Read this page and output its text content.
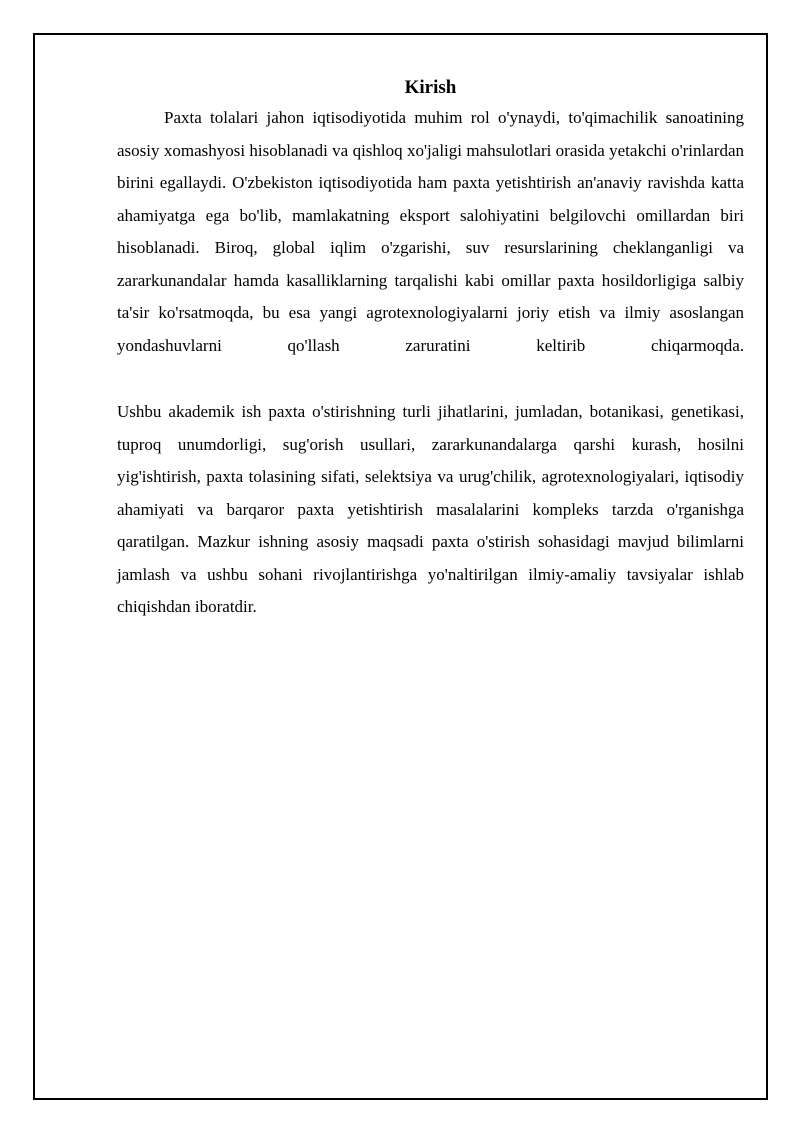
Kirish

Paxta tolalari jahon iqtisodiyotida muhim rol o'ynaydi, to'qimachilik sanoatining asosiy xomashyosi hisoblanadi va qishloq xo'jaligi mahsulotlari orasida yetakchi o'rinlardan birini egallaydi. O'zbekiston iqtisodiyotida ham paxta yetishtirish an'anaviy ravishda katta ahamiyatga ega bo'lib, mamlakatning eksport salohiyatini belgilovchi omillardan biri hisoblanadi. Biroq, global iqlim o'zgarishi, suv resurslarining cheklanganligi va zararkunandalar hamda kasalliklarning tarqalishi kabi omillar paxta hosildorligiga salbiy ta'sir ko'rsatmoqda, bu esa yangi agrotexnologiyalarni joriy etish va ilmiy asoslangan yondashuvlarni qo'llash zaruratini keltirib chiqarmoqda.

Ushbu akademik ish paxta o'stirishning turli jihatlarini, jumladan, botanikasi, genetikasi, tuproq unumdorligi, sug'orish usullari, zararkunandalarga qarshi kurash, hosilni yig'ishtirish, paxta tolasining sifati, selektsiya va urug'chilik, agrotexnologiyalari, iqtisodiy ahamiyati va barqaror paxta yetishtirish masalalarini kompleks tarzda o'rganishga qaratilgan. Mazkur ishning asosiy maqsadi paxta o'stirish sohasidagi mavjud bilimlarni jamlash va ushbu sohani rivojlantirishga yo'naltirilgan ilmiy-amaliy tavsiyalar ishlab chiqishdan iboratdir.
